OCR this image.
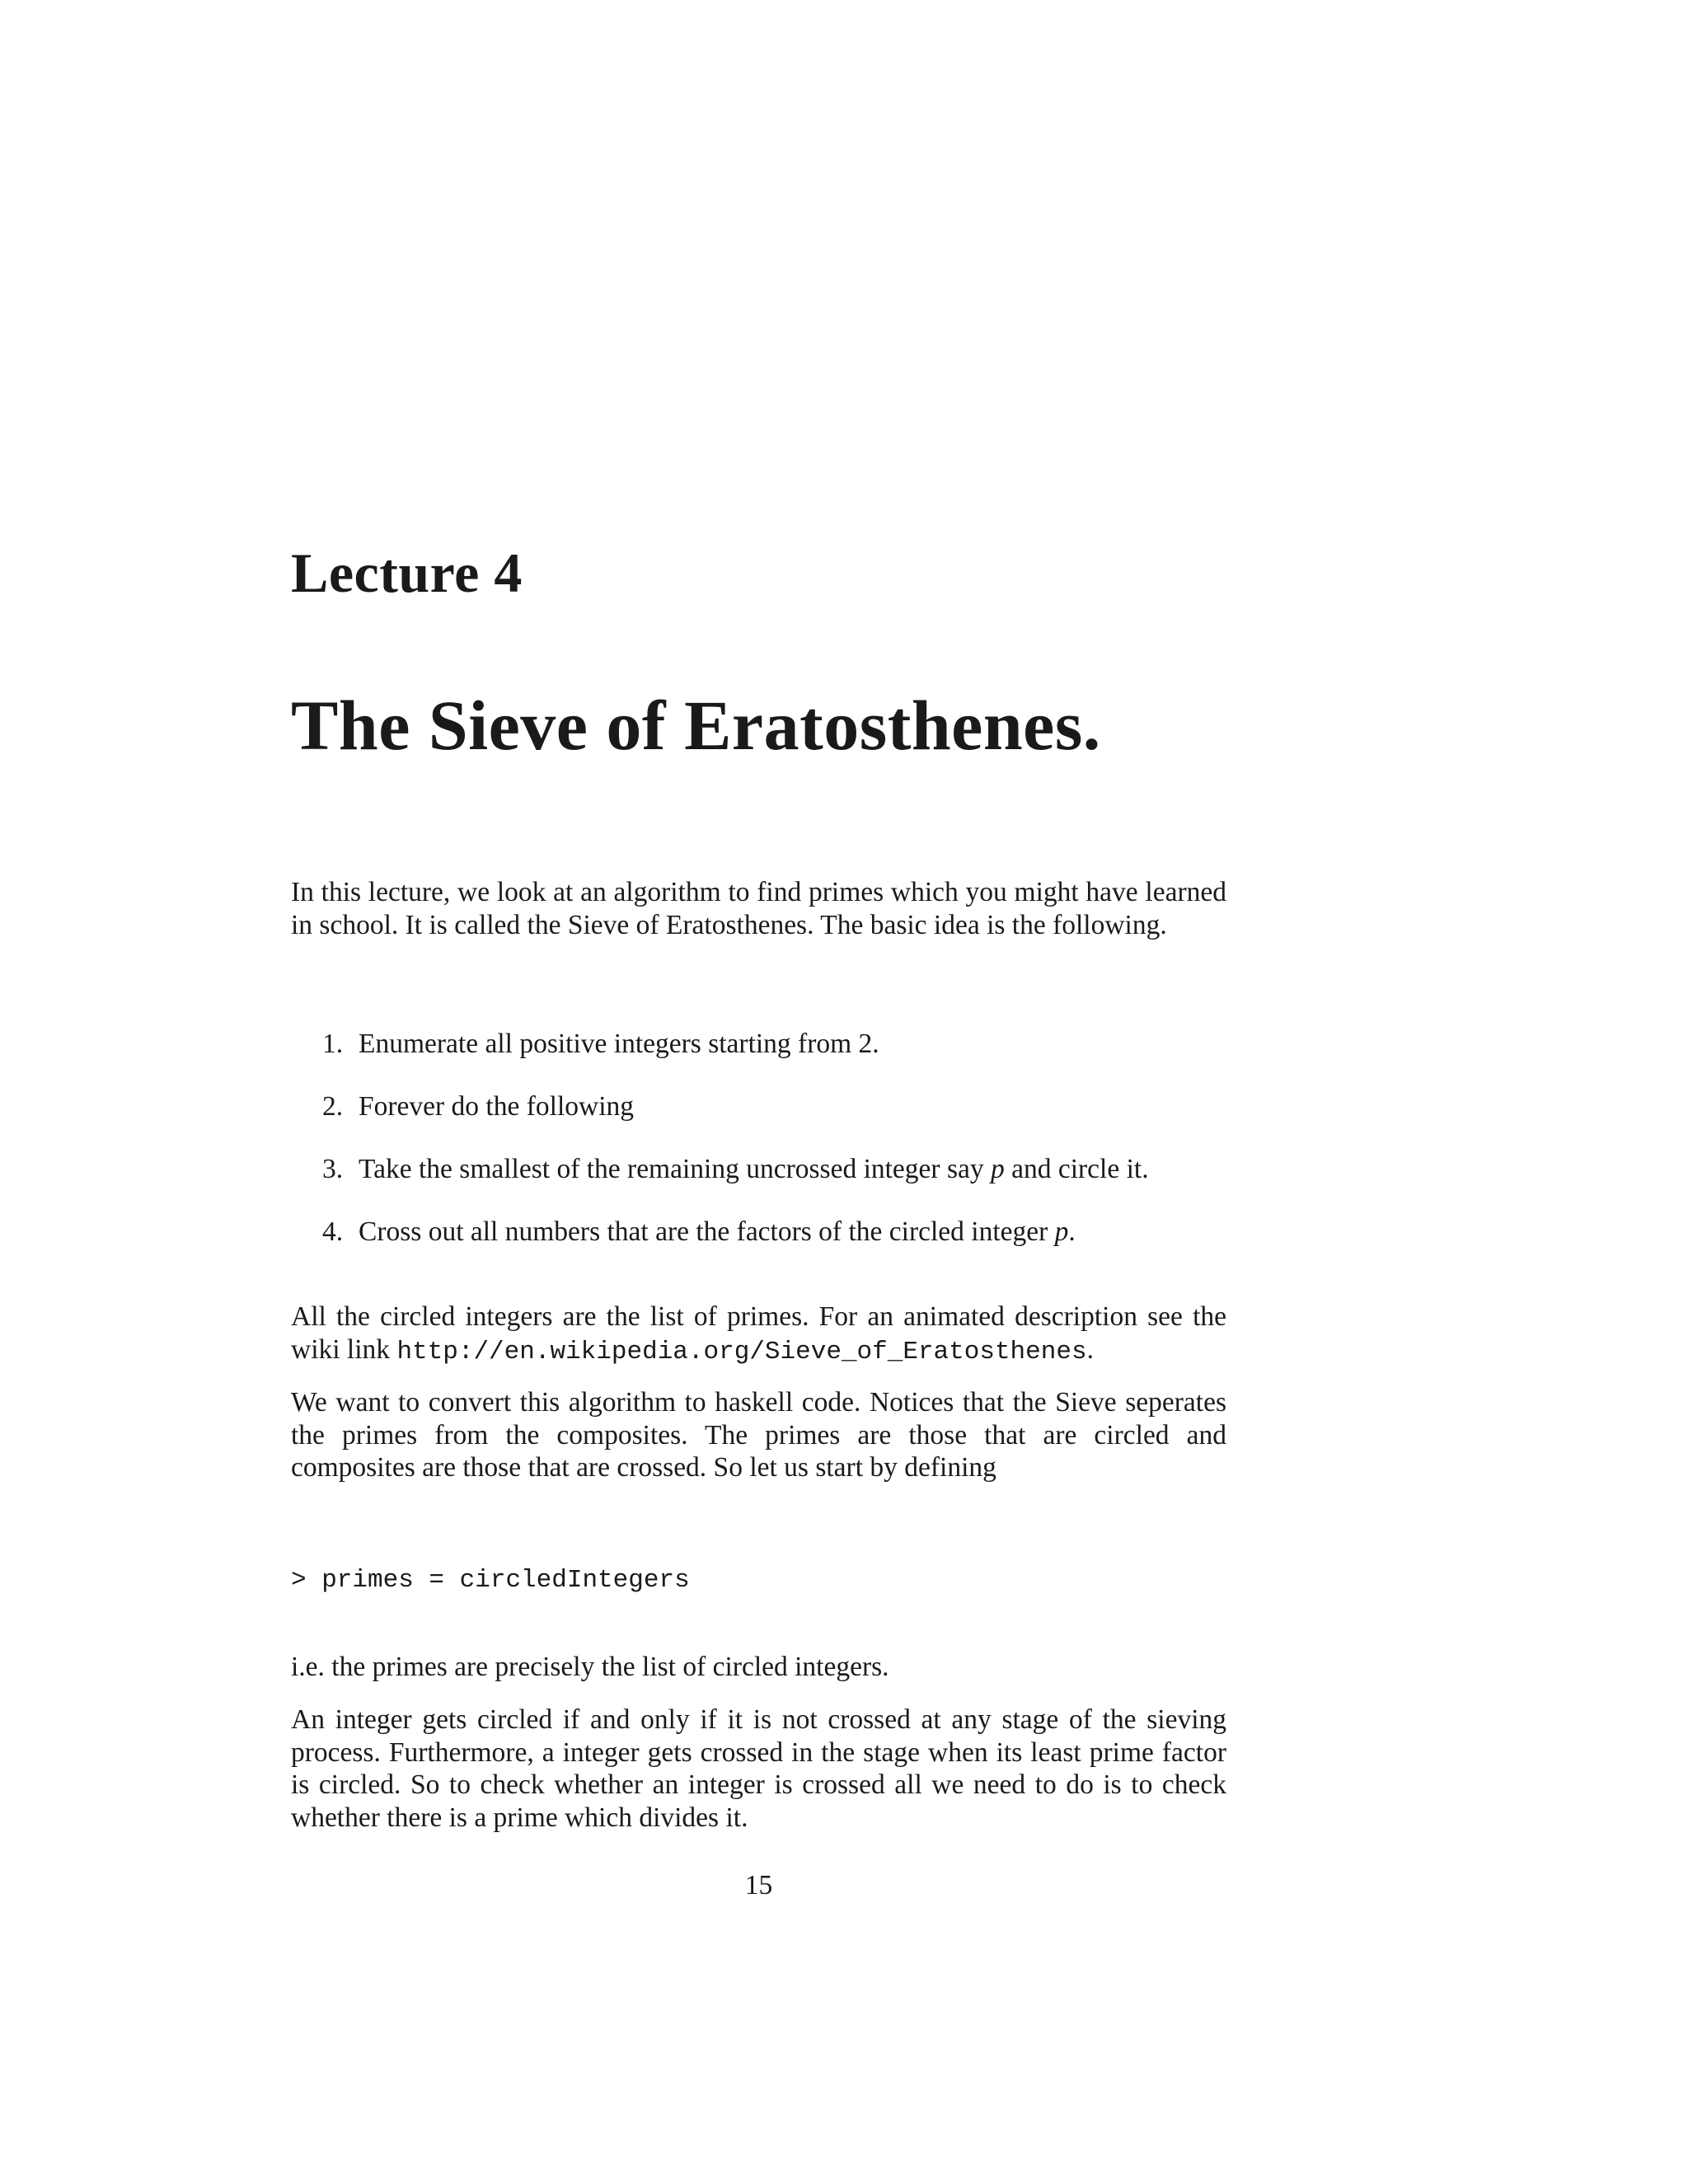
Lecture 4
The Sieve of Eratosthenes.

In this lecture, we look at an algorithm to find primes which you might have learned in school. It is called the Sieve of Eratosthenes. The basic idea is the following.

1. Enumerate all positive integers starting from 2.
2. Forever do the following
3. Take the smallest of the remaining uncrossed integer say p and circle it.
4. Cross out all numbers that are the factors of the circled integer p.

All the circled integers are the list of primes. For an animated description see the wiki link http://en.wikipedia.org/Sieve_of_Eratosthenes.

We want to convert this algorithm to haskell code. Notices that the Sieve seperates the primes from the composites. The primes are those that are circled and composites are those that are crossed. So let us start by defining

> primes = circledIntegers

i.e. the primes are precisely the list of circled integers.

An integer gets circled if and only if it is not crossed at any stage of the sieving process. Furthermore, a integer gets crossed in the stage when its least prime factor is circled. So to check whether an integer is crossed all we need to do is to check whether there is a prime which divides it.

15
